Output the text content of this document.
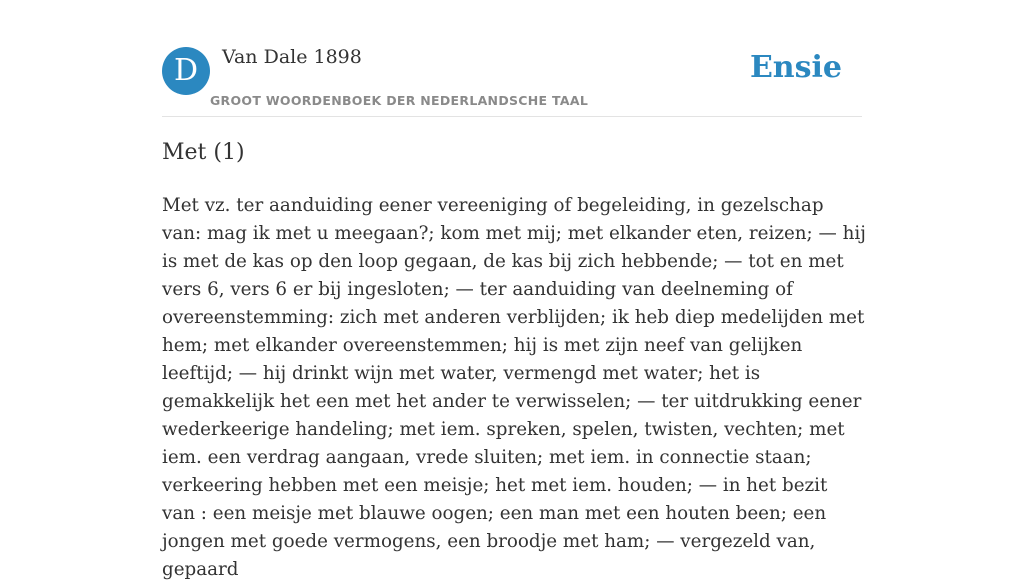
D	Van Dale 1898
GROOT WOORDENBOEK DER NEDERLANDSCHE TAAL
Ensie
Met (1)

Met vz. ter aanduiding eener vereeniging of begeleiding, in gezelschap van: mag ik met u meegaan?; kom met mij; met elkander eten, reizen; — hij is met de kas op den loop gegaan, de kas bij zich hebbende; — tot en met vers 6, vers 6 er bij ingesloten; — ter aanduiding van deelneming of overeenstemming: zich met anderen verblijden; ik heb diep medelijden met hem; met elkander overeenstemmen; hij is met zijn neef van gelijken leeftijd; — hij drinkt wijn met water, vermengd met water; het is gemakkelijk het een met het ander te verwisselen; — ter uitdrukking eener wederkeerige handeling; met iem. spreken, spelen, twisten, vechten; met iem. een verdrag aangaan, vrede sluiten; met iem. in connectie staan; verkeering hebben met een meisje; het met iem. houden; — in het bezit van : een meisje met blauwe oogen; een man met een houten been; een jongen met goede vermogens, een broodje met ham; — vergezeld van, gepaard
